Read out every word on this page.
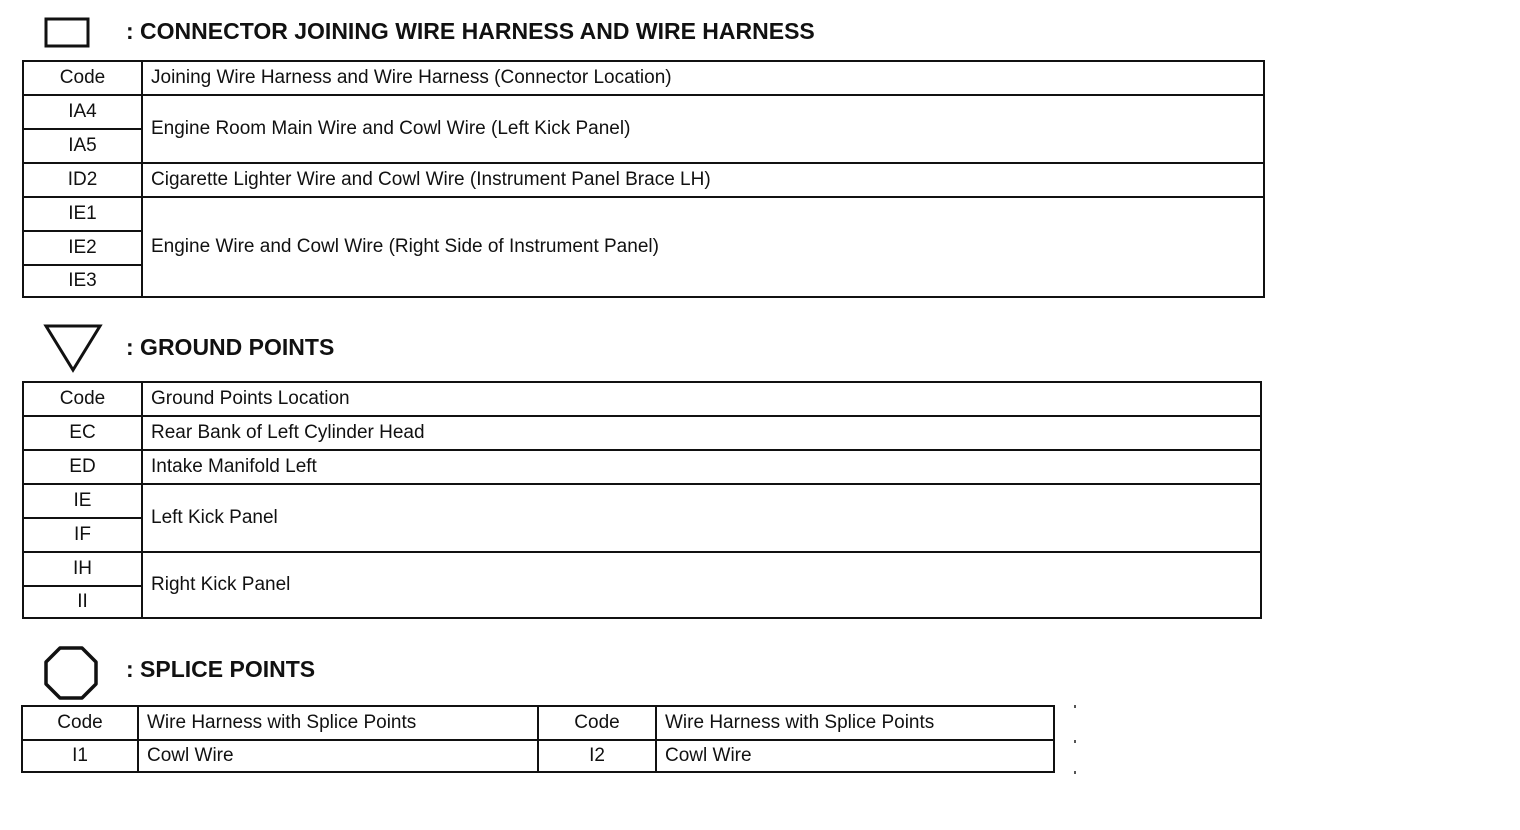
: CONNECTOR JOINING WIRE HARNESS AND WIRE HARNESS
Code	Joining Wire Harness and Wire Harness (Connector Location)
IA4	Engine Room Main Wire and Cowl Wire (Left Kick Panel)
IA5	
ID2	Cigarette Lighter Wire and Cowl Wire (Instrument Panel Brace LH)
IE1	Engine Wire and Cowl Wire (Right Side of Instrument Panel)
IE2	
IE3	
: GROUND POINTS
Code	Ground Points Location
EC	Rear Bank of Left Cylinder Head
ED	Intake Manifold Left
IE	Left Kick Panel
IF	
IH	Right Kick Panel
II	
: SPLICE POINTS
Code	Wire Harness with Splice Points	Code	Wire Harness with Splice Points
I1	Cowl Wire	I2	Cowl Wire
